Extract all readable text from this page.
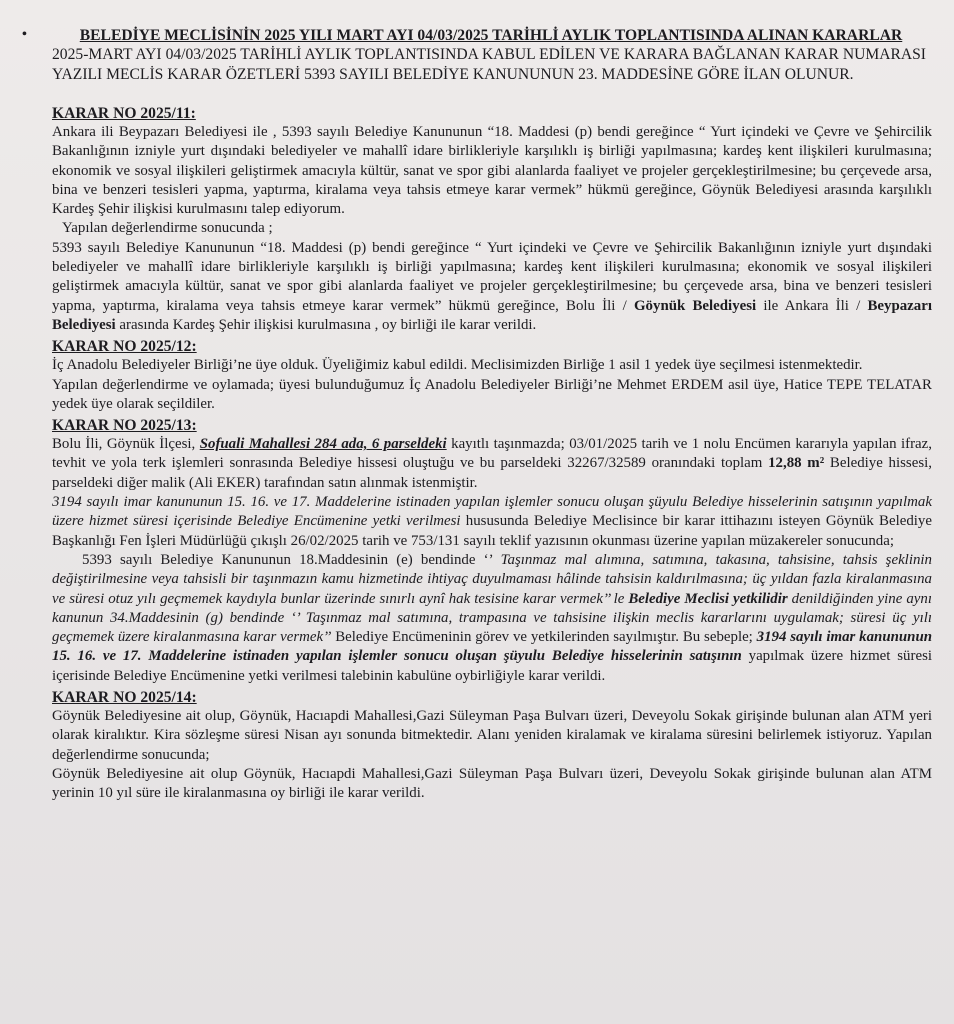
•	BELEDİYE MECLİSİNİN 2025 YILI MART AYI 04/03/2025 TARİHLİ AYLIK TOPLANTISINDA ALINAN KARARLAR

2025-MART AYI 04/03/2025 TARİHLİ AYLIK TOPLANTISINDA KABUL EDİLEN VE KARARA BAĞLANAN KARAR NUMARASI YAZILI MECLİS KARAR ÖZETLERİ 5393 SAYILI BELEDİYE KANUNUNUN 23. MADDESİNE GÖRE İLAN OLUNUR.

KARAR NO 2025/11:

Ankara ili Beypazarı Belediyesi ile , 5393 sayılı Belediye Kanununun “18. Maddesi (p) bendi gereğince “ Yurt içindeki ve Çevre ve Şehircilik Bakanlığının izniyle yurt dışındaki belediyeler ve mahallî idare birlikleriyle karşılıklı iş birliği yapılmasına; kardeş kent ilişkileri kurulmasına; ekonomik ve sosyal ilişkileri geliştirmek amacıyla kültür, sanat ve spor gibi alanlarda faaliyet ve projeler gerçekleştirilmesine; bu çerçevede arsa, bina ve benzeri tesisleri yapma, yaptırma, kiralama veya tahsis etmeye karar vermek” hükmü gereğince, Göynük Belediyesi arasında karşılıklı Kardeş Şehir ilişkisi kurulmasını talep ediyorum.

Yapılan değerlendirme sonucunda ;

5393 sayılı Belediye Kanununun “18. Maddesi (p) bendi gereğince “ Yurt içindeki ve Çevre ve Şehircilik Bakanlığının izniyle yurt dışındaki belediyeler ve mahallî idare birlikleriyle karşılıklı iş birliği yapılmasına; kardeş kent ilişkileri kurulmasına; ekonomik ve sosyal ilişkileri geliştirmek amacıyla kültür, sanat ve spor gibi alanlarda faaliyet ve projeler gerçekleştirilmesine; bu çerçevede arsa, bina ve benzeri tesisleri yapma, yaptırma, kiralama veya tahsis etmeye karar vermek” hükmü gereğince, Bolu İli / Göynük Belediyesi ile Ankara İli / Beypazarı Belediyesi arasında Kardeş Şehir ilişkisi kurulmasına , oy birliği ile karar verildi.

KARAR NO 2025/12:

İç Anadolu Belediyeler Birliği’ne üye olduk. Üyeliğimiz kabul edildi. Meclisimizden Birliğe 1 asil 1 yedek üye seçilmesi istenmektedir.

Yapılan değerlendirme ve oylamada; üyesi bulunduğumuz İç Anadolu Belediyeler Birliği’ne Mehmet ERDEM asil üye, Hatice TEPE TELATAR yedek üye olarak seçildiler.

KARAR NO 2025/13:

Bolu İli, Göynük İlçesi, Sofuali Mahallesi 284 ada, 6 parseldeki kayıtlı taşınmazda; 03/01/2025 tarih ve 1 nolu Encümen kararıyla yapılan ifraz, tevhit ve yola terk işlemleri sonrasında Belediye hissesi oluştuğu ve bu parseldeki 32267/32589 oranındaki toplam 12,88 m² Belediye hissesi, parseldeki diğer malik (Ali EKER) tarafından satın alınmak istenmiştir.

3194 sayılı imar kanununun 15. 16. ve 17. Maddelerine istinaden yapılan işlemler sonucu oluşan şüyulu Belediye hisselerinin satışının yapılmak üzere hizmet süresi içerisinde Belediye Encümenine yetki verilmesi hususunda Belediye Meclisince bir karar ittihazını isteyen Göynük Belediye Başkanlığı Fen İşleri Müdürlüğü çıkışlı 26/02/2025 tarih ve 753/131 sayılı teklif yazısının okunması üzerine yapılan müzakereler sonucunda;

5393 sayılı Belediye Kanununun 18.Maddesinin (e) bendinde ‘’ Taşınmaz mal alımına, satımına, takasına, tahsisine, tahsis şeklinin değiştirilmesine veya tahsisli bir taşınmazın kamu hizmetinde ihtiyaç duyulmaması hâlinde tahsisin kaldırılmasına; üç yıldan fazla kiralanmasına ve süresi otuz yılı geçmemek kaydıyla bunlar üzerinde sınırlı aynî hak tesisine karar vermek’’ le Belediye Meclisi yetkilidir denildiğinden yine aynı kanunun 34.Maddesinin (g) bendinde ‘’ Taşınmaz mal satımına, trampasına ve tahsisine ilişkin meclis kararlarını uygulamak; süresi üç yılı geçmemek üzere kiralanmasına karar vermek’’ Belediye Encümeninin görev ve yetkilerinden sayılmıştır. Bu sebeple; 3194 sayılı imar kanununun 15. 16. ve 17. Maddelerine istinaden yapılan işlemler sonucu oluşan şüyulu Belediye hisselerinin satışının yapılmak üzere hizmet süresi içerisinde Belediye Encümenine yetki verilmesi talebinin kabulüne oybirliğiyle karar verildi.

KARAR NO 2025/14:

Göynük Belediyesine ait olup, Göynük, Hacıapdi Mahallesi,Gazi Süleyman Paşa Bulvarı üzeri, Deveyolu Sokak girişinde bulunan alan ATM yeri olarak kiralıktır. Kira sözleşme süresi Nisan ayı sonunda bitmektedir. Alanı yeniden kiralamak ve kiralama süresini belirlemek istiyoruz. Yapılan değerlendirme sonucunda;

Göynük Belediyesine ait olup Göynük, Hacıapdi Mahallesi,Gazi Süleyman Paşa Bulvarı üzeri, Deveyolu Sokak girişinde bulunan alan ATM yerinin 10 yıl süre ile kiralanmasına oy birliği ile karar verildi.
